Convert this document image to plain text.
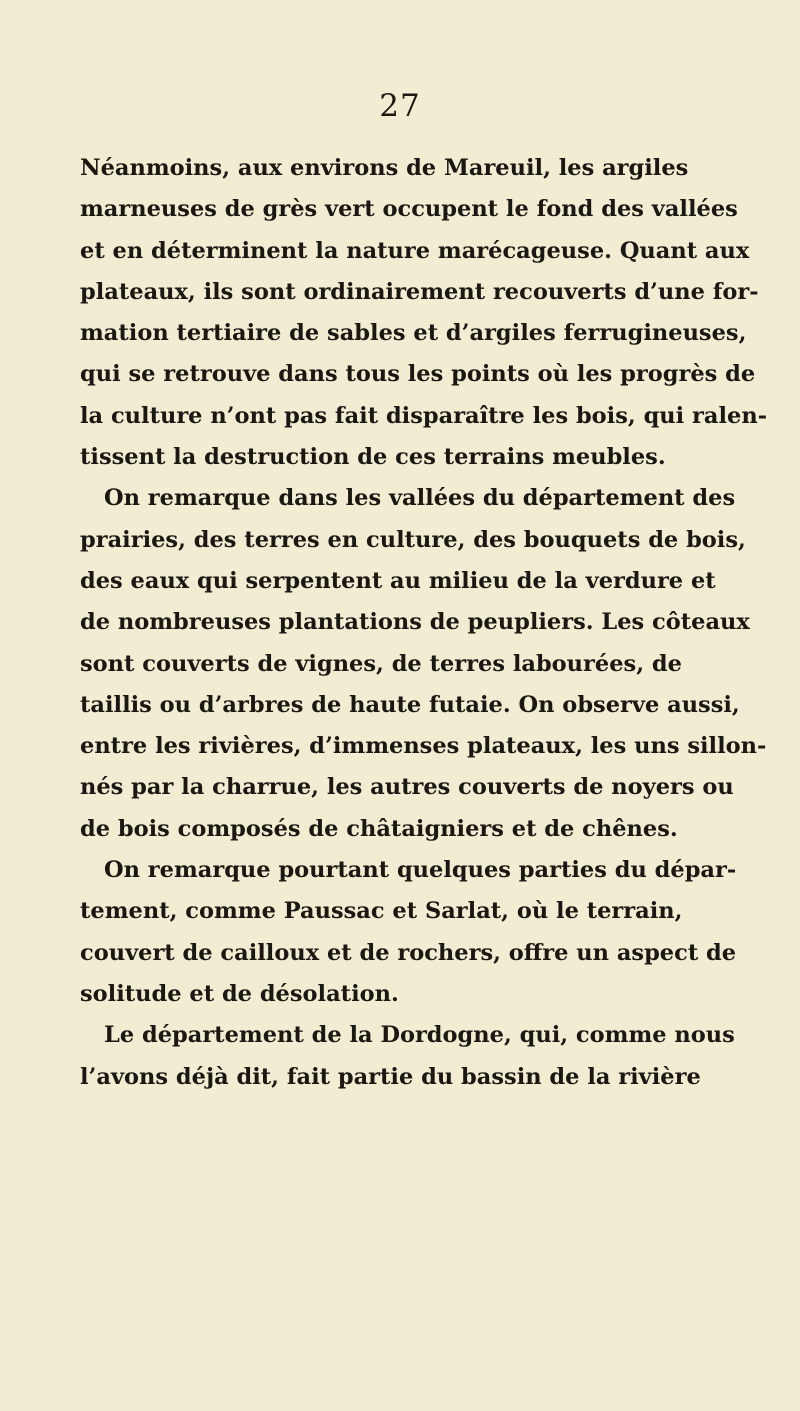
27
Néanmoins, aux environs de Mareuil, les argiles
marneuses de grès vert occupent le fond des vallées
et en déterminent la nature marécageuse. Quant aux
plateaux, ils sont ordinairement recouverts d’une for-
mation tertiaire de sables et d’argiles ferrugineuses,
qui se retrouve dans tous les points où les progrès de
la culture n’ont pas fait disparaître les bois, qui ralen-
tissent la destruction de ces terrains meubles.
On remarque dans les vallées du département des
prairies, des terres en culture, des bouquets de bois,
des eaux qui serpentent au milieu de la verdure et
de nombreuses plantations de peupliers. Les côteaux
sont couverts de vignes, de terres labourées, de
taillis ou d’arbres de haute futaie. On observe aussi,
entre les rivières, d’immenses plateaux, les uns sillon-
nés par la charrue, les autres couverts de noyers ou
de bois composés de châtaigniers et de chênes.
On remarque pourtant quelques parties du dépar-
tement, comme Paussac et Sarlat, où le terrain,
couvert de cailloux et de rochers, offre un aspect de
solitude et de désolation.
Le département de la Dordogne, qui, comme nous
l’avons déjà dit, fait partie du bassin de la rivière
